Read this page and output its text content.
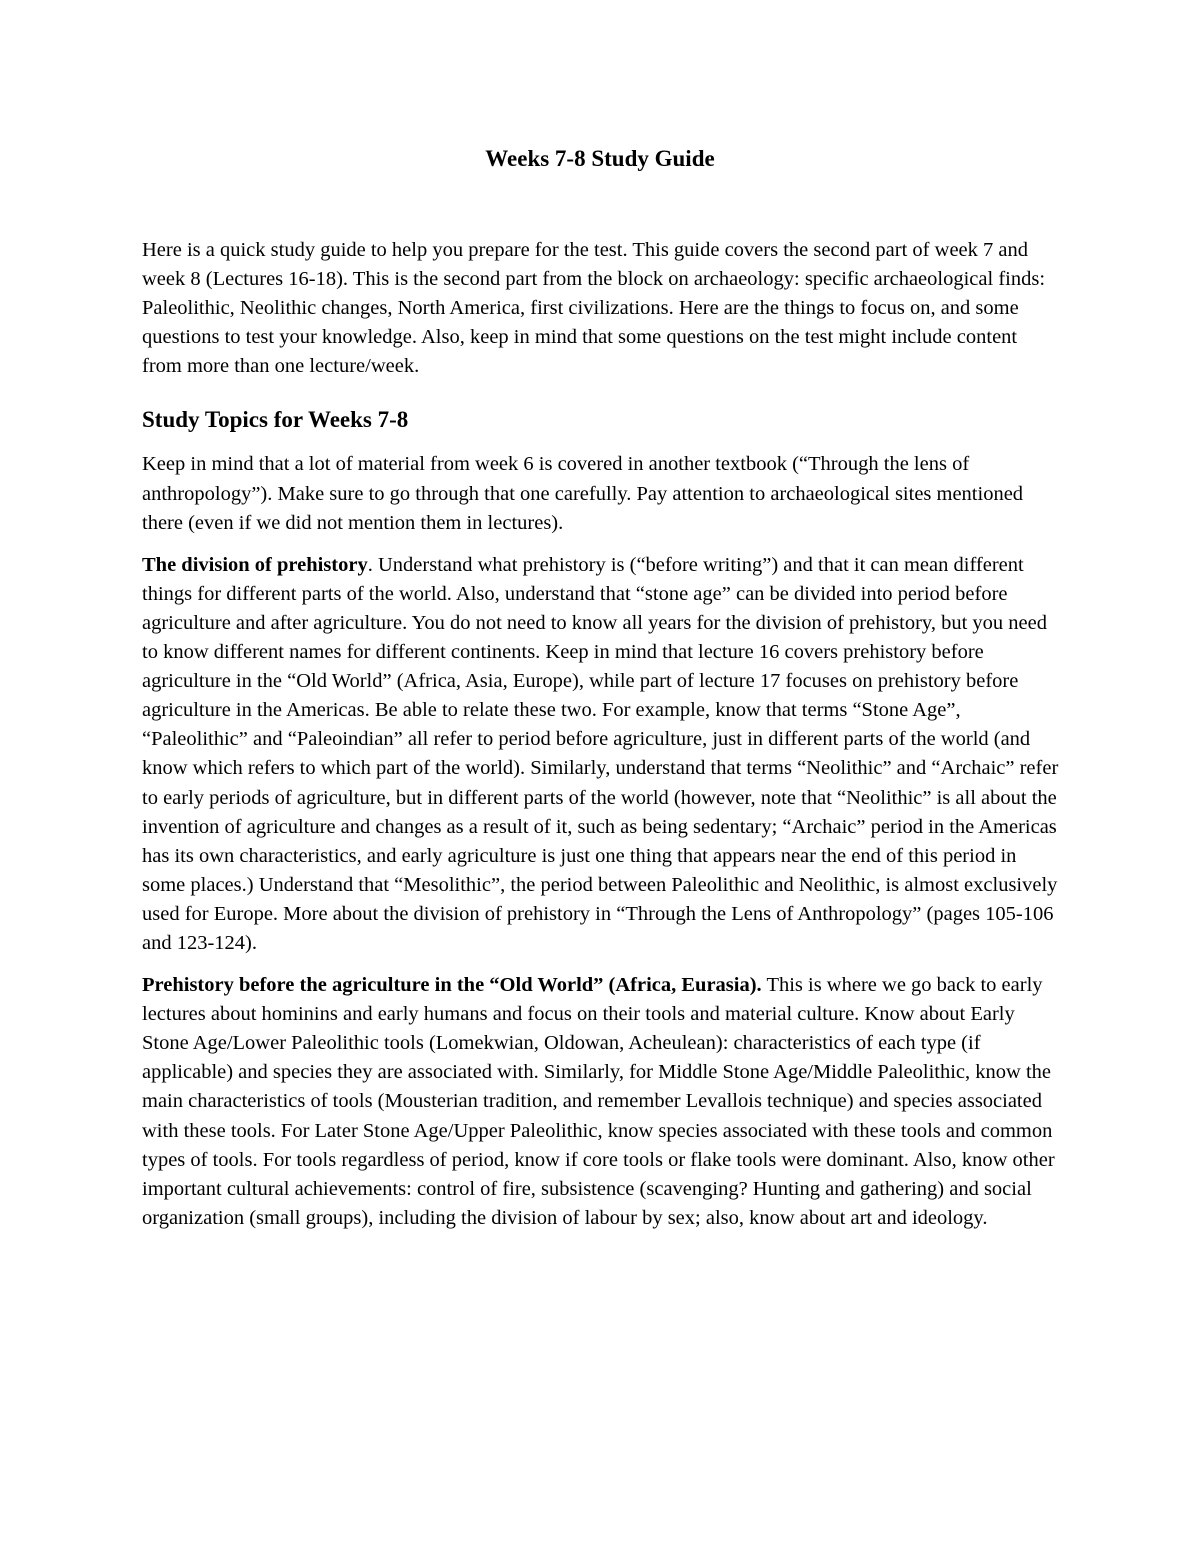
Weeks 7-8 Study Guide

Here is a quick study guide to help you prepare for the test. This guide covers the second part of week 7 and week 8 (Lectures 16-18). This is the second part from the block on archaeology: specific archaeological finds: Paleolithic, Neolithic changes, North America, first civilizations. Here are the things to focus on, and some questions to test your knowledge. Also, keep in mind that some questions on the test might include content from more than one lecture/week.

Study Topics for Weeks 7-8

Keep in mind that a lot of material from week 6 is covered in another textbook (“Through the lens of anthropology”). Make sure to go through that one carefully. Pay attention to archaeological sites mentioned there (even if we did not mention them in lectures).

The division of prehistory. Understand what prehistory is (“before writing”) and that it can mean different things for different parts of the world. Also, understand that “stone age” can be divided into period before agriculture and after agriculture. You do not need to know all years for the division of prehistory, but you need to know different names for different continents. Keep in mind that lecture 16 covers prehistory before agriculture in the “Old World” (Africa, Asia, Europe), while part of lecture 17 focuses on prehistory before agriculture in the Americas. Be able to relate these two. For example, know that terms “Stone Age”, “Paleolithic” and “Paleoindian” all refer to period before agriculture, just in different parts of the world (and know which refers to which part of the world). Similarly, understand that terms “Neolithic” and “Archaic” refer to early periods of agriculture, but in different parts of the world (however, note that “Neolithic” is all about the invention of agriculture and changes as a result of it, such as being sedentary; “Archaic” period in the Americas has its own characteristics, and early agriculture is just one thing that appears near the end of this period in some places.) Understand that “Mesolithic”, the period between Paleolithic and Neolithic, is almost exclusively used for Europe. More about the division of prehistory in “Through the Lens of Anthropology” (pages 105-106 and 123-124).

Prehistory before the agriculture in the “Old World” (Africa, Eurasia). This is where we go back to early lectures about hominins and early humans and focus on their tools and material culture. Know about Early Stone Age/Lower Paleolithic tools (Lomekwian, Oldowan, Acheulean): characteristics of each type (if applicable) and species they are associated with. Similarly, for Middle Stone Age/Middle Paleolithic, know the main characteristics of tools (Mousterian tradition, and remember Levallois technique) and species associated with these tools. For Later Stone Age/Upper Paleolithic, know species associated with these tools and common types of tools. For tools regardless of period, know if core tools or flake tools were dominant. Also, know other important cultural achievements: control of fire, subsistence (scavenging? Hunting and gathering) and social organization (small groups), including the division of labour by sex; also, know about art and ideology.
